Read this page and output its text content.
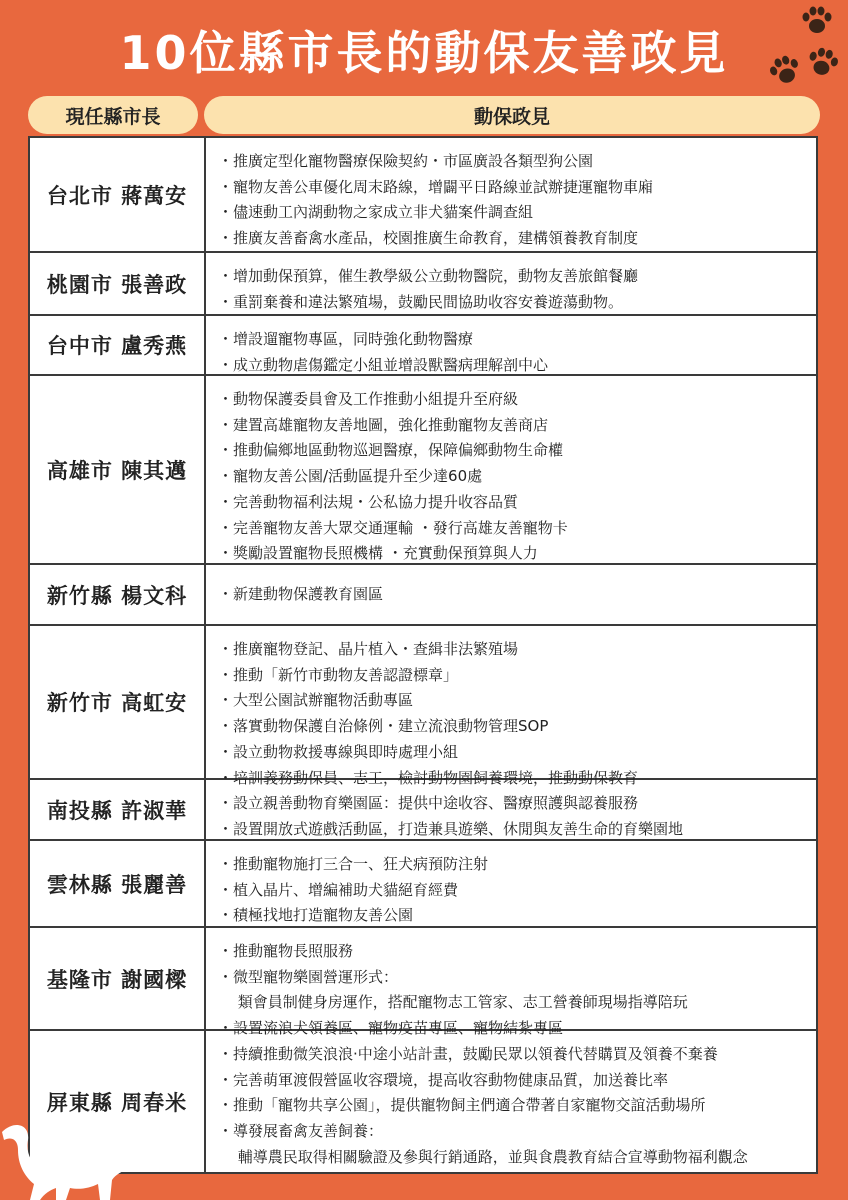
10位縣市長的動保友善政見
現任縣市長	動保政見
台北市 蔣萬安
・推廣定型化寵物醫療保險契約・市區廣設各類型狗公園
・寵物友善公車優化周末路線，增闢平日路線並試辦捷運寵物車廂
・儘速動工內湖動物之家成立非犬貓案件調查組
・推廣友善畜禽水產品，校園推廣生命教育，建構領養教育制度
桃園市 張善政	・增加動保預算，催生教學級公立動物醫院，動物友善旅館餐廳
・重罰棄養和違法繁殖場，鼓勵民間協助收容安養遊蕩動物。
台中市 盧秀燕	・增設遛寵物專區，同時強化動物醫療
・成立動物虐傷鑑定小組並增設獸醫病理解剖中心
高雄市 陳其邁
・動物保護委員會及工作推動小組提升至府級
・建置高雄寵物友善地圖，強化推動寵物友善商店
・推動偏鄉地區動物巡迴醫療，保障偏鄉動物生命權
・寵物友善公園/活動區提升至少達60處
・完善動物福利法規・公私協力提升收容品質
・完善寵物友善大眾交通運輸 ・發行高雄友善寵物卡
・獎勵設置寵物長照機構 ・充實動保預算與人力
新竹縣 楊文科	・新建動物保護教育園區
新竹市 高虹安
・推廣寵物登記、晶片植入・查緝非法繁殖場
・推動「新竹市動物友善認證標章」
・大型公園試辦寵物活動專區
・落實動物保護自治條例・建立流浪動物管理SOP
・設立動物救援專線與即時處理小組
・培訓義務動保員、志工，檢討動物園飼養環境，推動動保教育
南投縣 許淑華	・設立親善動物育樂園區：提供中途收容、醫療照護與認養服務
・設置開放式遊戲活動區，打造兼具遊樂、休閒與友善生命的育樂園地
雲林縣 張麗善
・推動寵物施打三合一、狂犬病預防注射
・植入晶片、增編補助犬貓絕育經費
・積極找地打造寵物友善公園
基隆市 謝國樑
・推動寵物長照服務
・微型寵物樂園營運形式：
　 類會員制健身房運作，搭配寵物志工管家、志工營養師現場指導陪玩
・設置流浪犬領養區、寵物疫苗專區、寵物結紮專區
屏東縣 周春米
・持續推動微笑浪浪‧中途小站計畫，鼓勵民眾以領養代替購買及領養不棄養
・完善萌軍渡假營區收容環境，提高收容動物健康品質，加送養比率
・推動「寵物共享公園」，提供寵物飼主們適合帶著自家寵物交誼活動場所
・導發展畜禽友善飼養：
　 輔導農民取得相關驗證及參與行銷通路，並與食農教育結合宣導動物福利觀念
